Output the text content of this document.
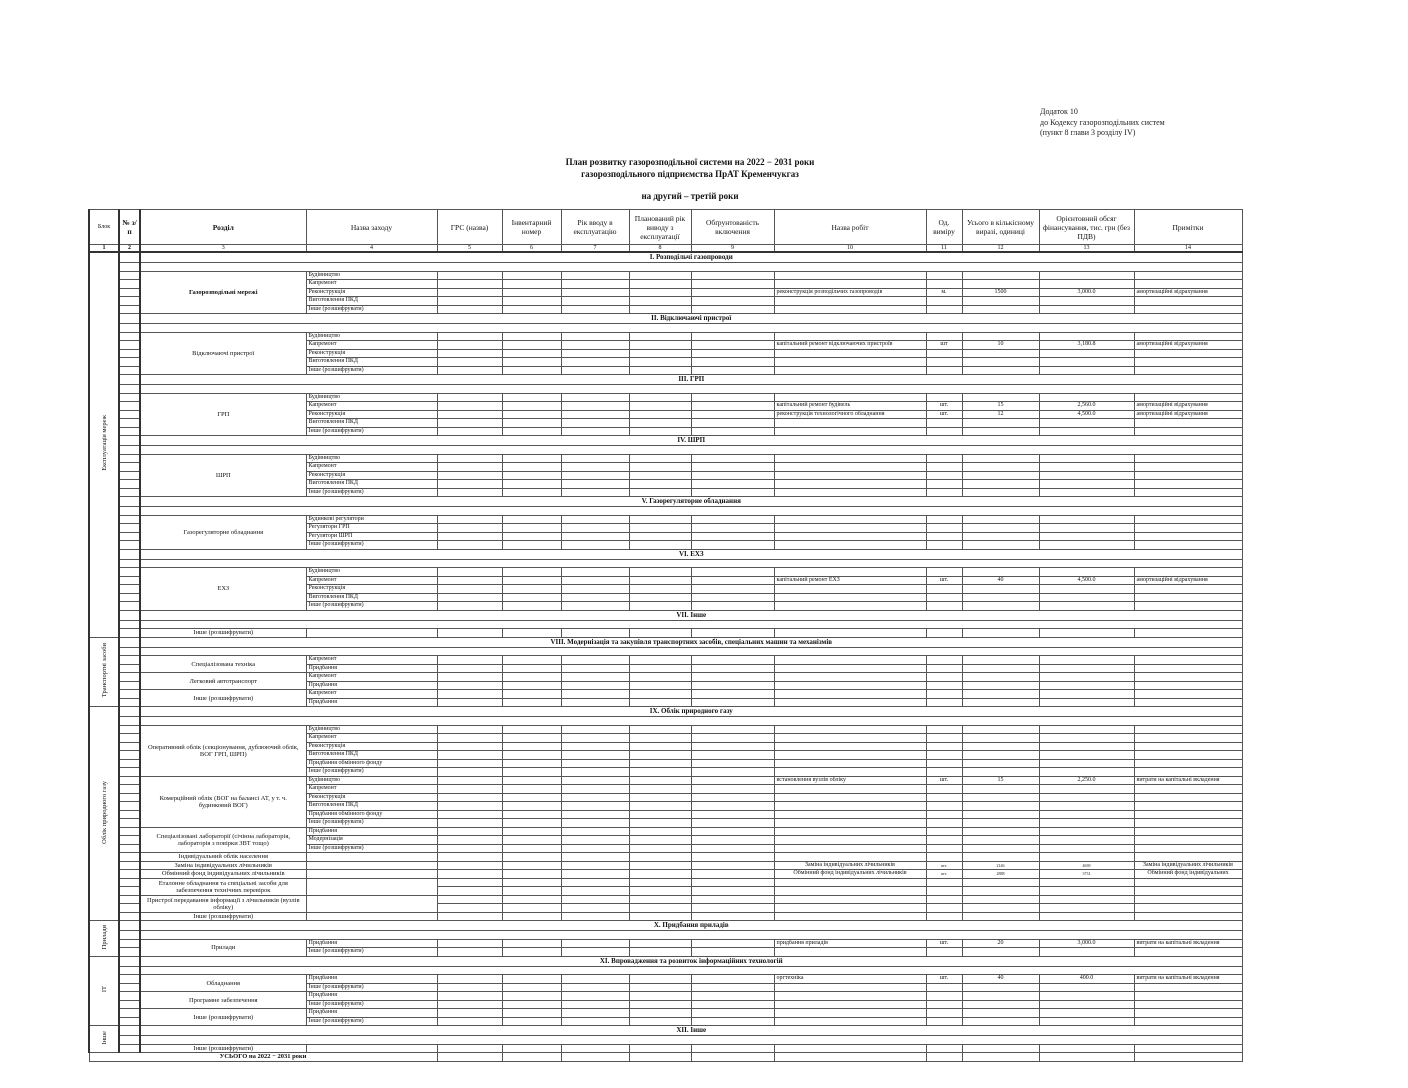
Додаток 10
до Кодексу газорозподільних систем
(пункт 8 глави 3 розділу IV)
План розвитку газорозподільної системи на 2022 − 2031 роки
газорозподільного підприємства ПрАТ Кременчукгаз
на другий – третій роки
Блок	№ з/п	Розділ	Назва заходу	ГРС (назва)	Інвентарний номер	Рік вводу в експлуатацію	Планований рік виводу з експлуатації	Обґрунтованість включення	Назва робіт	Од. виміру	Усього в кількісному виразі, одиниці	Орієнтовний обсяг фінансування, тис. грн (без ПДВ)	Примітки
1	2	3	4	5	6	7	8	9	10	11	12	13	14
Експлуатація мереж		І. Розподільчі газопроводи											

		Газорозподільні мережі	Будівництво										
			Капремонт										
			Реконструкція						реконструкція розподільчих газопроводів	м.	1500	3,000.0	амортизаційні відрахування
			Виготовлення ПКД										
			Інше (розшифрувати)										
		ІІ. Відключаючі пристрої											

		Відключаючі пристрої	Будівництво										
			Капремонт						капітальний ремонт відключаючих пристроїв	шт	10	3,180.8	амортизаційні відрахування
			Реконструкція										
			Виготовлення ПКД										
			Інше (розшифрувати)										
		ІІІ. ГРП											

		ГРП	Будівництво										
			Капремонт						капітальний ремонт будівель	шт.	15	2,560.0	амортизаційні відрахування
			Реконструкція						реконструкція технологічного обладнання	шт.	12	4,500.0	амортизаційні відрахування
			Виготовлення ПКД										
			Інше (розшифрувати)										
		ІV. ШРП											

		ШРП	Будівництво										
			Капремонт										
			Реконструкція										
			Виготовлення ПКД										
			Інше (розшифрувати)										
		V. Газорегуляторне обладнання											

		Газорегуляторне обладнання	Будинкові регулятори										
			Регулятори ГРП										
			Регулятори ШРП										
			Інше (розшифрувати)										
		VI. ЕХЗ											

		ЕХЗ	Будівництво										
			Капремонт						капітальний ремонт ЕХЗ	шт.	40	4,500.0	амортизаційні відрахування
			Реконструкція										
			Виготовлення ПКД										
			Інше (розшифрувати)										
		VII. Інше											

		Інше (розшифрувати)											
Транспортні засоби		VIII. Модернізація та закупівля транспортних засобів, спеціальних машин та механізмів											

		Спеціалізована техніка	Капремонт										
			Придбання										
		Легковий автотранспорт	Капремонт										
			Придбання										
		Інше (розшифрувати)	Капремонт										
			Придбання										
Облік природного газу		IX. Облік природного газу											

		Оперативний облік (секціонування, дублюючий облік, ВОГ ГРП, ШРП)	Будівництво										
			Капремонт										
			Реконструкція										
			Виготовлення ПКД										
			Придбання обмінного фонду										
			Інше (розшифрувати)										
		Комерційний облік (ВОГ на балансі АТ, у т. ч. будинковий ВОГ)	Будівництво						встановлення вузлів обліку	шт.	15	2,250.0	витрати на капітальні вкладення
			Капремонт										
			Реконструкція										
			Виготовлення ПКД										
			Придбання обмінного фонду										
			Інше (розшифрувати)										
		Спеціалізовані лабораторії (січінна лабораторія, лабораторія з повірки ЗВТ тощо)	Придбання										
			Модернізація										
			Інше (розшифрувати)										
		Індивідуальний облік населення											
		Заміна індивідуальних лічильників							Заміна індивідуальних лічильників	шт.	2146	4639	Заміна індивідуальних лічильників
		Обмінний фонд індивідуальних лічильників							Обмінний фонд індивідуальних лічильників	шт.	2888	3731	Обмінний фонд індивідуальних
		Еталонне обладнання та спеціальні засоби для забезпечення технічних перевірок											

		Пристрої передавання інформації з лічильників (вузлів обліку)											

		Інше (розшифрувати)											
Прилади		X. Придбання приладів											

		Прилади	Придбання						придбання приладів	шт.	20	3,000.0	витрати на капітальні вкладення
			Інше (розшифрувати)										
ІТ		XI. Впровадження та розвиток інформаційних технологій											

		Обладнання	Придбання						оргтехніка	шт.	40	400.0	витрати на капітальні вкладення
			Інше (розшифрувати)										
		Програмне забезпечення	Придбання										
			Інше (розшифрувати)										
		Інше (розшифрувати)	Придбання										
			Інше (розшифрувати)										
Інше		XII. Інше											

		Інше (розшифрувати)											
УСЬОГО на 2022 − 2031 роки													
